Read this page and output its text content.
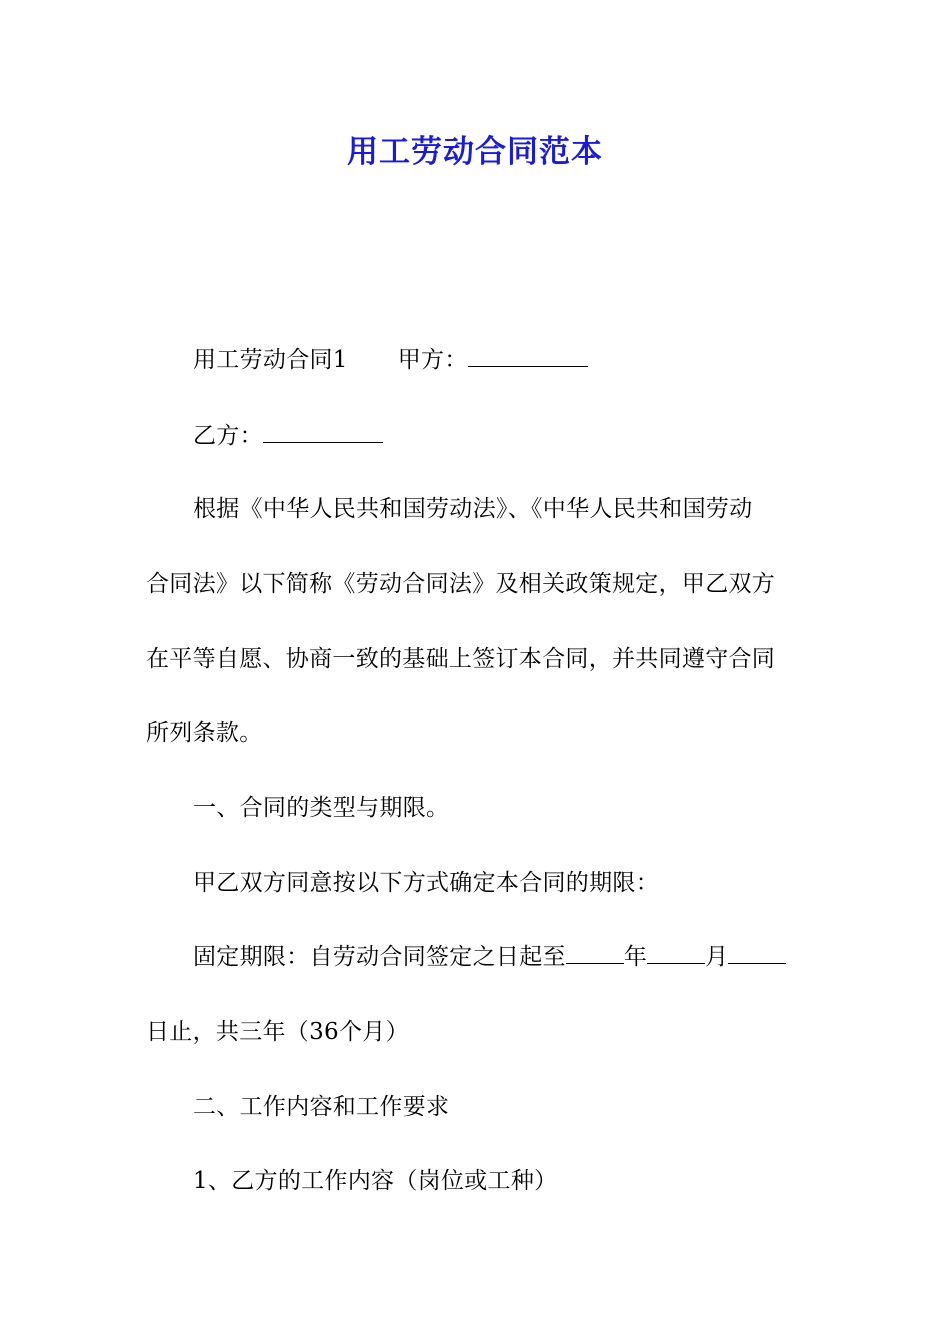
用工劳动合同范本
用工劳动合同1 甲方：
乙方：
根据《中华人民共和国劳动法》、《中华人民共和国劳动
合同法》以下简称《劳动合同法》及相关政策规定，甲乙双方
在平等自愿、协商一致的基础上签订本合同，并共同遵守合同
所列条款。
一、合同的类型与期限。
甲乙双方同意按以下方式确定本合同的期限：
固定期限：自劳动合同签定之日起至	年	月
日止，共三年（36个月）
二、工作内容和工作要求
1、乙方的工作内容（岗位或工种）
